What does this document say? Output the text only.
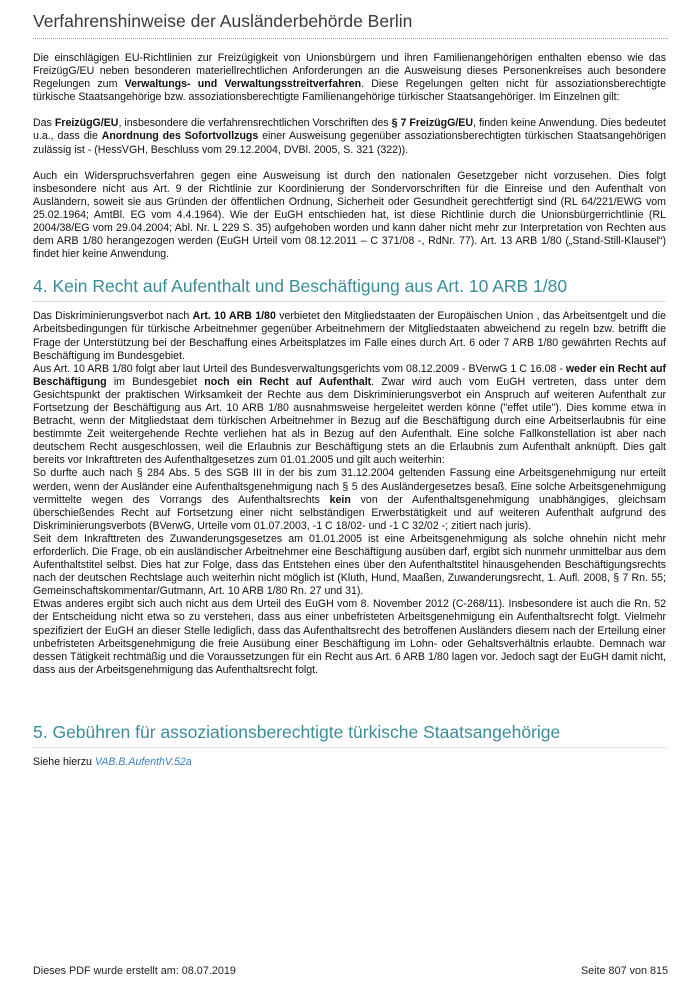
Verfahrenshinweise der Ausländerbehörde Berlin

Die einschlägigen EU-Richtlinien zur Freizügigkeit von Unionsbürgern und ihren Familienangehörigen enthalten ebenso wie das FreizügG/EU neben besonderen materiellrechtlichen Anforderungen an die Ausweisung dieses Personenkreises auch besondere Regelungen zum Verwaltungs- und Verwaltungsstreitverfahren. Diese Regelungen gelten nicht für assoziationsberechtigte türkische Staatsangehörige bzw. assoziationsberechtigte Familienangehörige türkischer Staatsangehöriger. Im Einzelnen gilt:

Das FreizügG/EU, insbesondere die verfahrensrechtlichen Vorschriften des § 7 FreizügG/EU, finden keine Anwendung. Dies bedeutet u.a., dass die Anordnung des Sofortvollzugs einer Ausweisung gegenüber assoziationsberechtigten türkischen Staatsangehörigen zulässig ist - (HessVGH, Beschluss vom 29.12.2004, DVBl. 2005, S. 321 (322)).

Auch ein Widerspruchsverfahren gegen eine Ausweisung ist durch den nationalen Gesetzgeber nicht vorzusehen. Dies folgt insbesondere nicht aus Art. 9 der Richtlinie zur Koordinierung der Sondervorschriften für die Einreise und den Aufenthalt von Ausländern, soweit sie aus Gründen der öffentlichen Ordnung, Sicherheit oder Gesundheit gerechtfertigt sind (RL 64/221/EWG vom 25.02.1964; AmtBl. EG vom 4.4.1964). Wie der EuGH entschieden hat, ist diese Richtlinie durch die Unionsbürgerrichtlinie (RL 2004/38/EG vom 29.04.2004; Abl. Nr. L 229 S. 35) aufgehoben worden und kann daher nicht mehr zur Interpretation von Rechten aus dem ARB 1/80 herangezogen werden (EuGH Urteil vom 08.12.2011 – C 371/08 -, RdNr. 77). Art. 13 ARB 1/80 („Stand-Still-Klausel“) findet hier keine Anwendung.

4. Kein Recht auf Aufenthalt und Beschäftigung aus Art. 10 ARB 1/80

Das Diskriminierungsverbot nach Art. 10 ARB 1/80 verbietet den Mitgliedstaaten der Europäischen Union , das Arbeitsentgelt und die Arbeitsbedingungen für türkische Arbeitnehmer gegenüber Arbeitnehmern der Mitgliedstaaten abweichend zu regeln bzw. betrifft die Frage der Unterstützung bei der Beschaffung eines Arbeitsplatzes im Falle eines durch Art. 6 oder 7 ARB 1/80 gewährten Rechts auf Beschäftigung im Bundesgebiet.

Aus Art. 10 ARB 1/80 folgt aber laut Urteil des Bundesverwaltungsgerichts vom 08.12.2009 - BVerwG 1 C 16.08 - weder ein Recht auf Beschäftigung im Bundesgebiet noch ein Recht auf Aufenthalt. Zwar wird auch vom EuGH vertreten, dass unter dem Gesichtspunkt der praktischen Wirksamkeit der Rechte aus dem Diskriminierungsverbot ein Anspruch auf weiteren Aufenthalt zur Fortsetzung der Beschäftigung aus Art. 10 ARB 1/80 ausnahmsweise hergeleitet werden könne ("effet utile"). Dies komme etwa in Betracht, wenn der Mitgliedstaat dem türkischen Arbeitnehmer in Bezug auf die Beschäftigung durch eine Arbeitserlaubnis für eine bestimmte Zeit weitergehende Rechte verliehen hat als in Bezug auf den Aufenthalt. Eine solche Fallkonstellation ist aber nach deutschem Recht ausgeschlossen, weil die Erlaubnis zur Beschäftigung stets an die Erlaubnis zum Aufenthalt anknüpft. Dies galt bereits vor Inkrafttreten des Aufenthaltgesetzes zum 01.01.2005 und gilt auch weiterhin:

So durfte auch nach § 284 Abs. 5 des SGB III in der bis zum 31.12.2004 geltenden Fassung eine Arbeitsgenehmigung nur erteilt werden, wenn der Ausländer eine Aufenthaltsgenehmigung nach § 5 des Ausländergesetzes besaß. Eine solche Arbeitsgenehmigung vermittelte wegen des Vorrangs des Aufenthaltsrechts kein von der Aufenthaltsgenehmigung unabhängiges, gleichsam überschießendes Recht auf Fortsetzung einer nicht selbständigen Erwerbstätigkeit und auf weiteren Aufenthalt aufgrund des Diskriminierungsverbots (BVerwG, Urteile vom 01.07.2003, -1 C 18/02- und -1 C 32/02 -; zitiert nach juris).

Seit dem Inkrafttreten des Zuwanderungsgesetzes am 01.01.2005 ist eine Arbeitsgenehmigung als solche ohnehin nicht mehr erforderlich. Die Frage, ob ein ausländischer Arbeitnehmer eine Beschäftigung ausüben darf, ergibt sich nunmehr unmittelbar aus dem Aufenthaltstitel selbst. Dies hat zur Folge, dass das Entstehen eines über den Aufenthaltstitel hinausgehenden Beschäftigungsrechts nach der deutschen Rechtslage auch weiterhin nicht möglich ist (Kluth, Hund, Maaßen, Zuwanderungsrecht, 1. Aufl. 2008, § 7 Rn. 55; Gemeinschaftskommentar/Gutmann, Art. 10 ARB 1/80 Rn. 27 und 31).

Etwas anderes ergibt sich auch nicht aus dem Urteil des EuGH vom 8. November 2012 (C-268/11). Insbesondere ist auch die Rn. 52 der Entscheidung nicht etwa so zu verstehen, dass aus einer unbefristeten Arbeitsgenehmigung ein Aufenthaltsrecht folgt. Vielmehr spezifiziert der EuGH an dieser Stelle lediglich, dass das Aufenthaltsrecht des betroffenen Ausländers diesem nach der Erteilung einer unbefristeten Arbeitsgenehmigung die freie Ausübung einer Beschäftigung im Lohn- oder Gehaltsverhältnis erlaubte. Demnach war dessen Tätigkeit rechtmäßig und die Voraussetzungen für ein Recht aus Art. 6 ARB 1/80 lagen vor. Jedoch sagt der EuGH damit nicht, dass aus der Arbeitsgenehmigung das Aufenthaltsrecht folgt.

5. Gebühren für assoziationsberechtigte türkische Staatsangehörige

Siehe hierzu VAB.B.AufenthV.52a

Dieses PDF wurde erstellt am: 08.07.2019	Seite 807 von 815
